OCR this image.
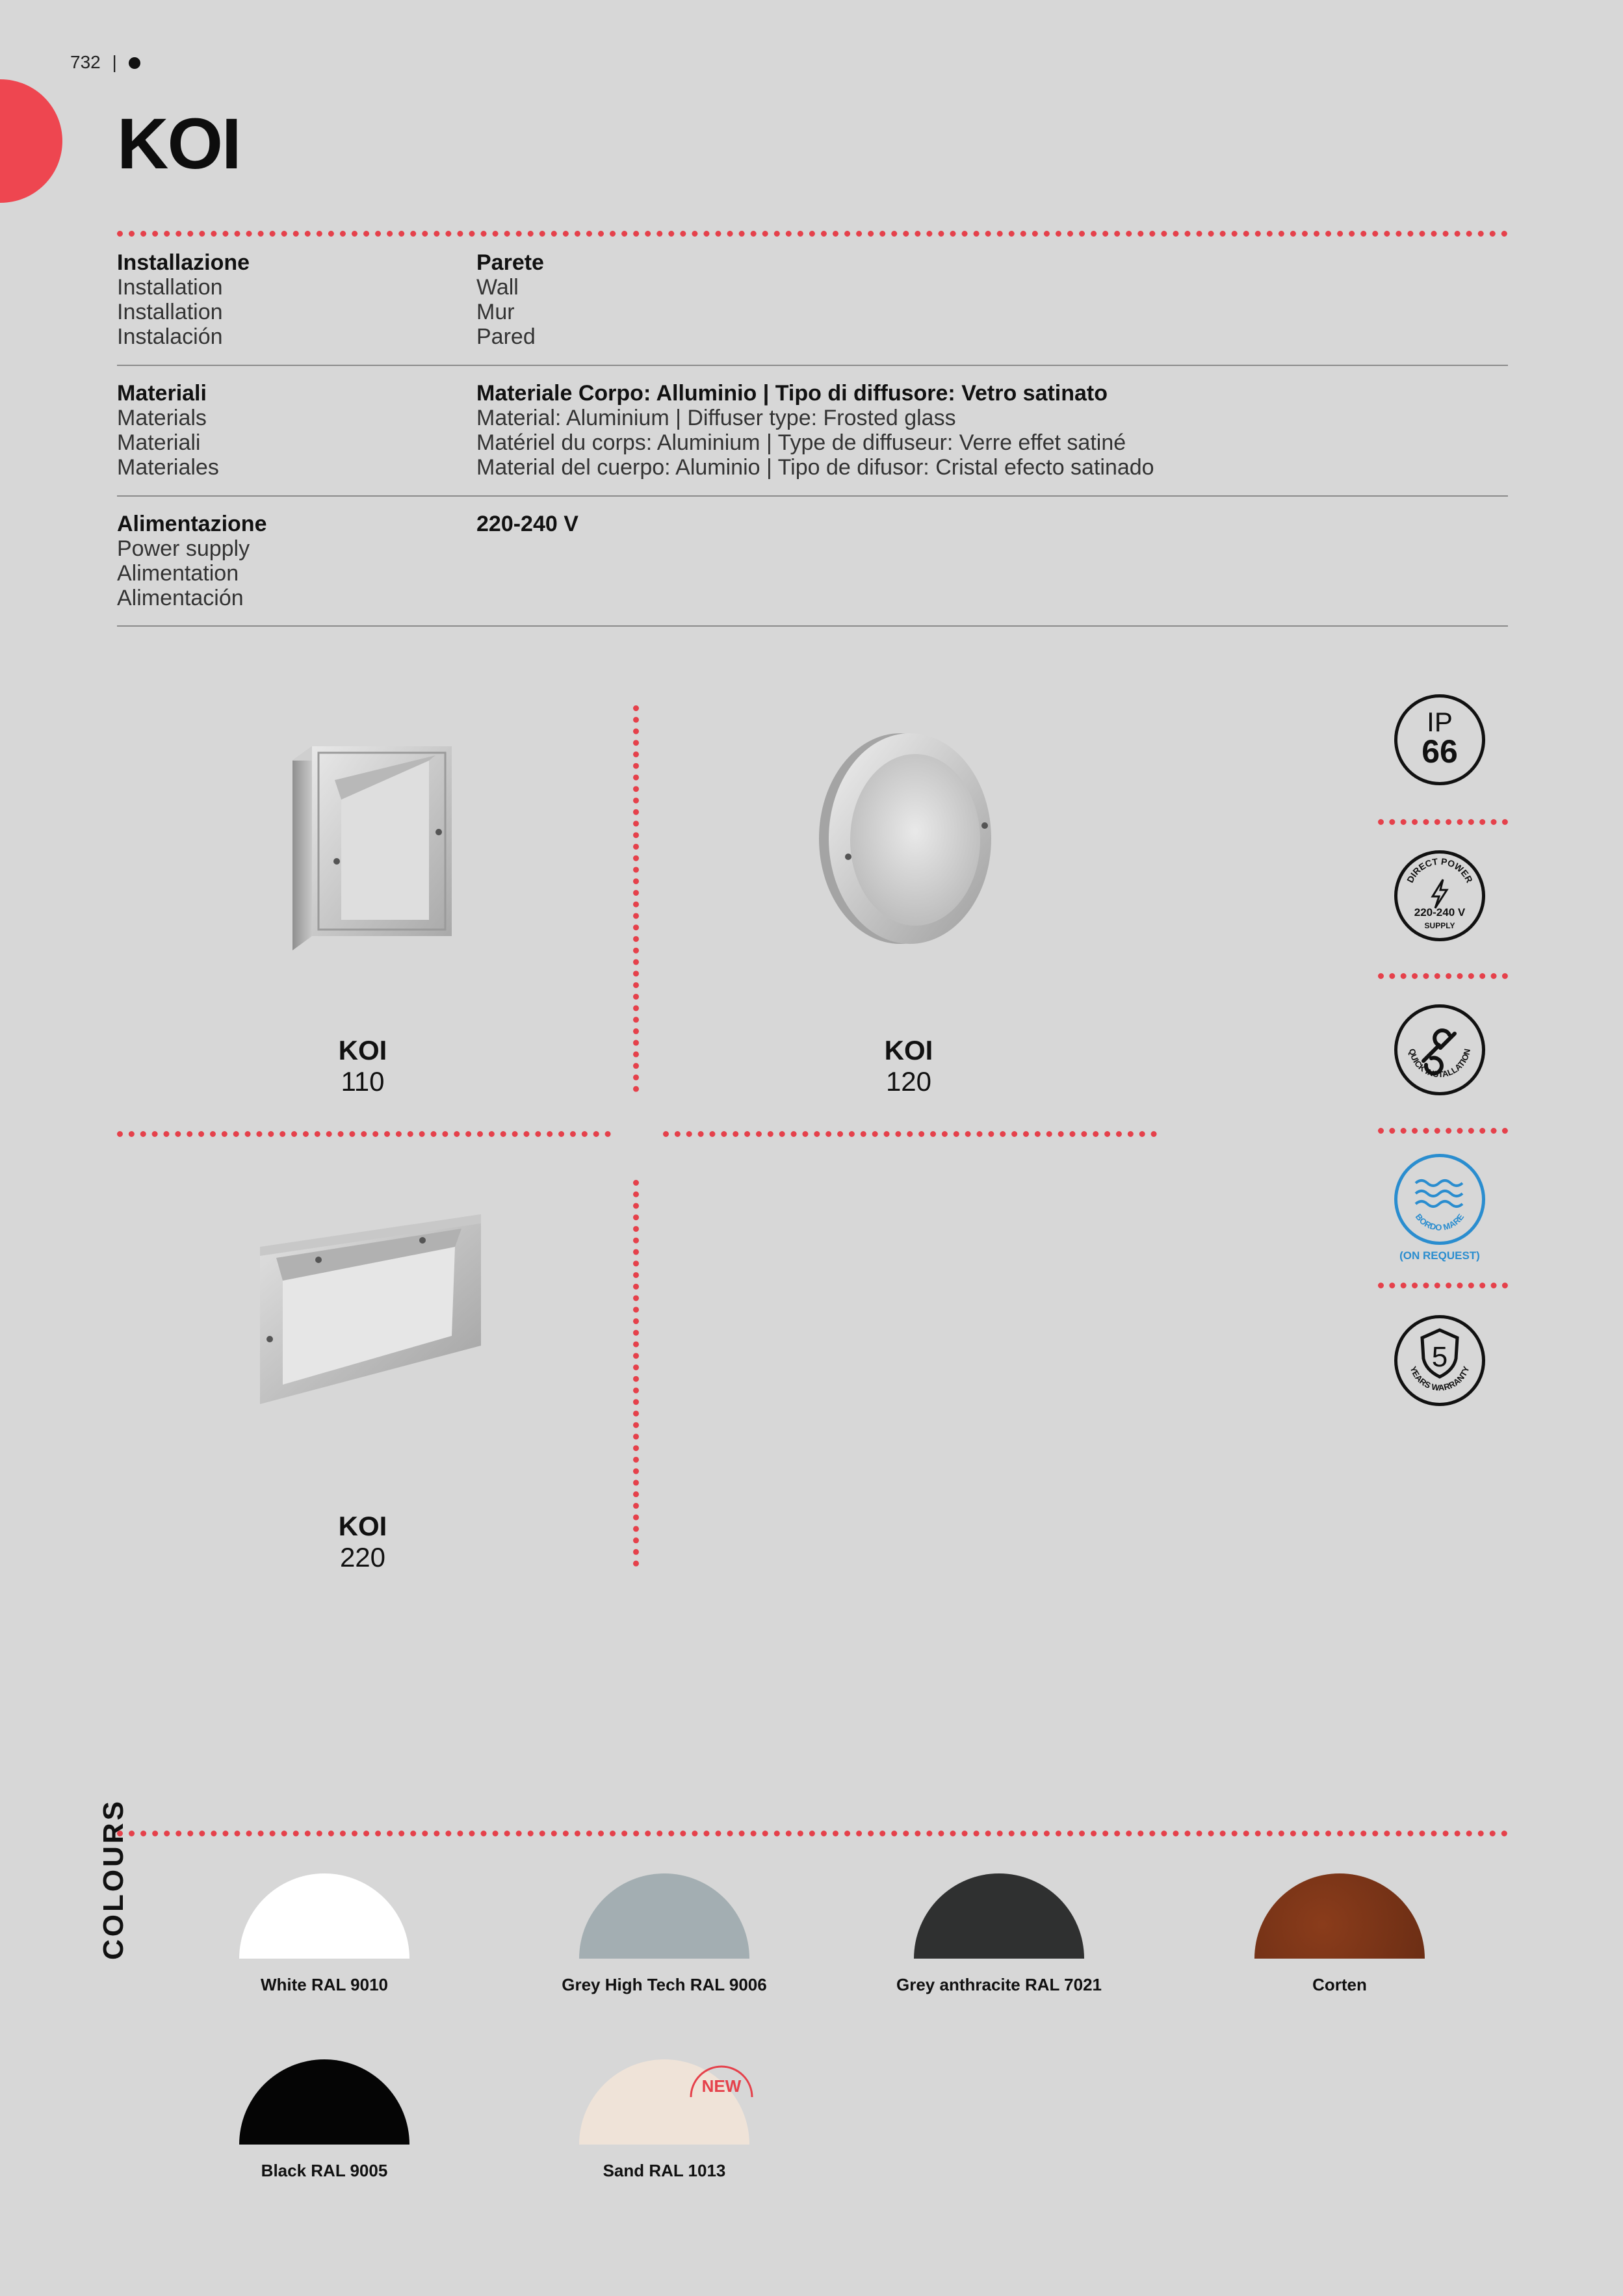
732 |
KOI
Installazione
Installation
Installation
Instalación
Parete
Wall
Mur
Pared
Materiali
Materials
Materiali
Materiales
Materiale Corpo: Alluminio | Tipo di diffusore: Vetro satinato
Material: Aluminium | Diffuser type: Frosted glass
Matériel du corps: Aluminium | Type de diffuseur: Verre effet satiné
Material del cuerpo: Aluminio | Tipo de difusor: Cristal efecto satinado
Alimentazione
Power supply
Alimentation
Alimentación
220-240 V
KOI
110
KOI
120
KOI
220
IP
66
DIRECT POWER
220-240 V
SUPPLY
QUICK INSTALLATION
BORDO MARE
(ON REQUEST)
5
YEARS WARRANTY
COLOURS
White RAL 9010	Grey High Tech RAL 9006	Grey anthracite RAL 7021	Corten
Black RAL 9005	Sand RAL 1013
NEW
